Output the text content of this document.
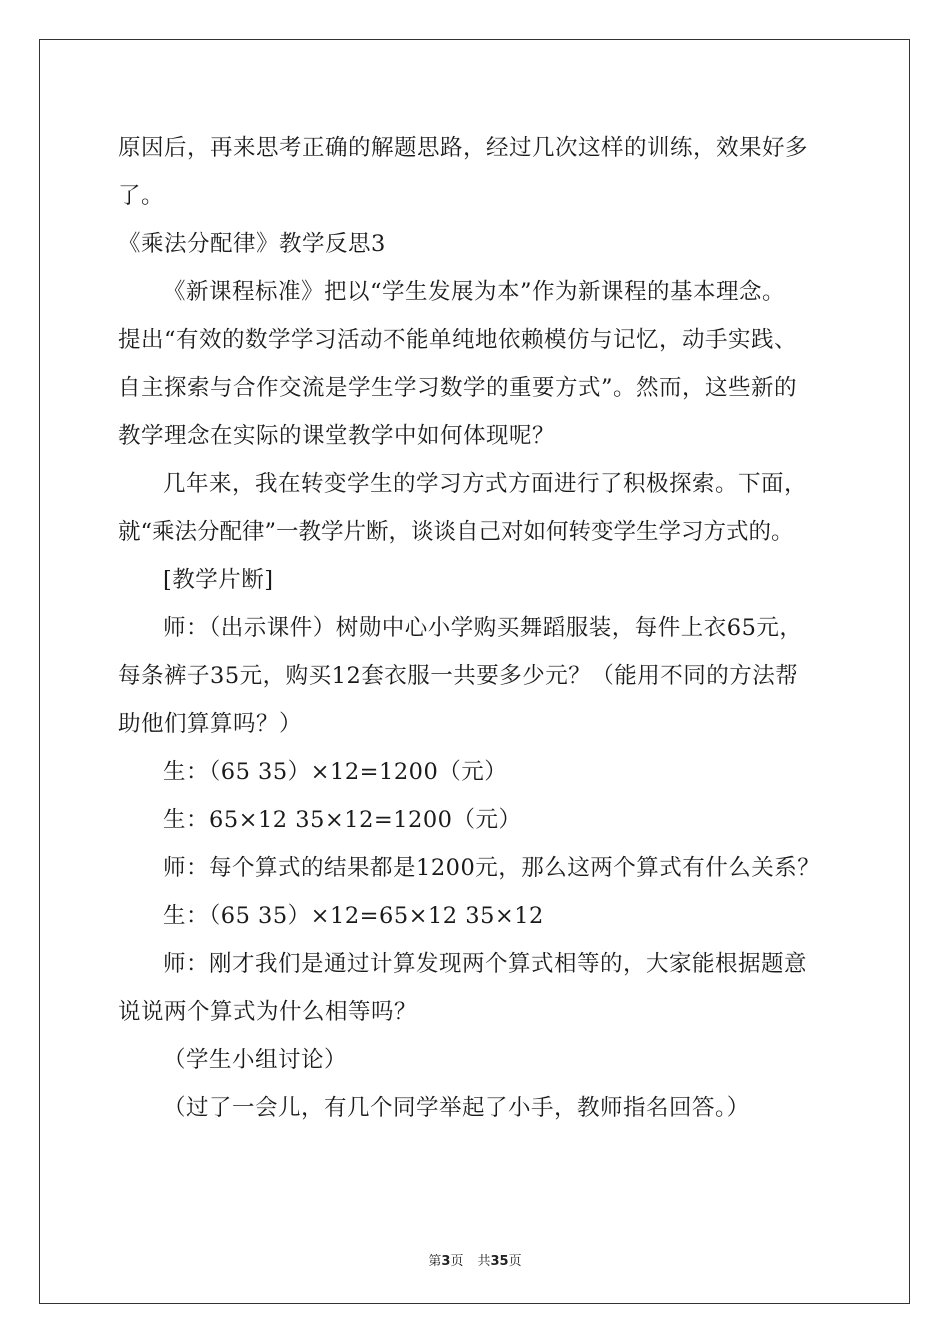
原因后，再来思考正确的解题思路，经过几次这样的训练，效果好多
了。
《乘法分配律》教学反思3
《新课程标准》把以“学生发展为本”作为新课程的基本理念。
提出“有效的数学学习活动不能单纯地依赖模仿与记忆，动手实践、
自主探索与合作交流是学生学习数学的重要方式”。然而，这些新的
教学理念在实际的课堂教学中如何体现呢？
几年来，我在转变学生的学习方式方面进行了积极探索。下面，
就“乘法分配律”一教学片断，谈谈自己对如何转变学生学习方式的。
[教学片断]
师：（出示课件）树勋中心小学购买舞蹈服装，每件上衣65元，
每条裤子35元，购买12套衣服一共要多少元？（能用不同的方法帮
助他们算算吗？）
生：（65 35）×12=1200（元）
生：65×12 35×12=1200（元）
师：每个算式的结果都是1200元，那么这两个算式有什么关系？
生：（65 35）×12=65×12 35×12
师：刚才我们是通过计算发现两个算式相等的，大家能根据题意
说说两个算式为什么相等吗？
（学生小组讨论）
（过了一会儿，有几个同学举起了小手，教师指名回答。）
第3页 共35页
